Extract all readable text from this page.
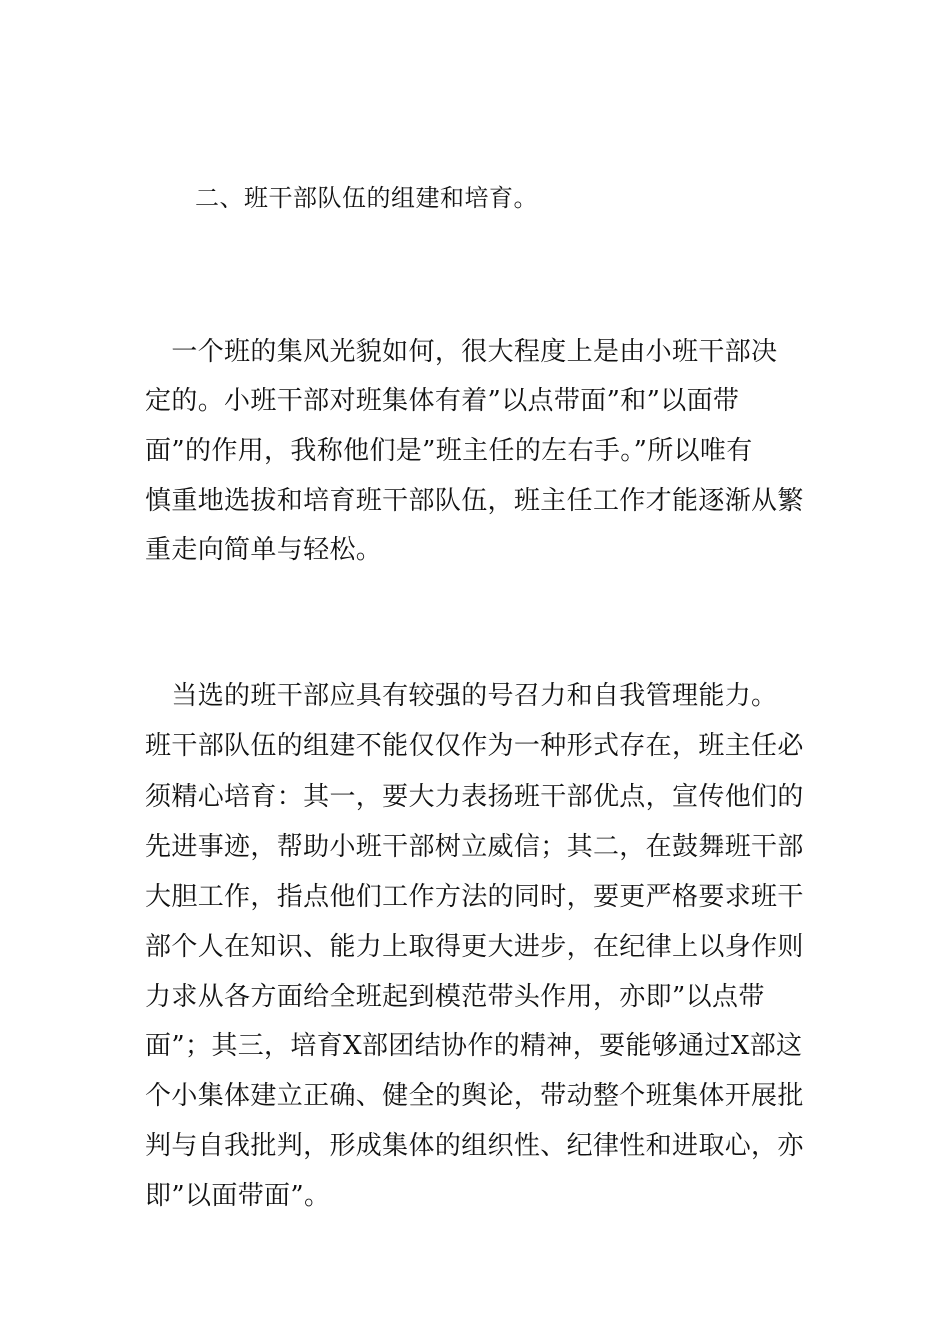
二、班干部队伍的组建和培育。
　一个班的集风光貌如何，很大程度上是由小班干部决
定的。小班干部对班集体有着”以点带面”和”以面带
面”的作用，我称他们是”班主任的左右手。”所以唯有
慎重地选拔和培育班干部队伍，班主任工作才能逐渐从繁
重走向简单与轻松。
　当选的班干部应具有较强的号召力和自我管理能力。
班干部队伍的组建不能仅仅作为一种形式存在，班主任必
须精心培育：其一，要大力表扬班干部优点，宣传他们的
先进事迹，帮助小班干部树立威信；其二，在鼓舞班干部
大胆工作，指点他们工作方法的同时，要更严格要求班干
部个人在知识、能力上取得更大进步，在纪律上以身作则
力求从各方面给全班起到模范带头作用，亦即”以点带
面”；其三，培育X部团结协作的精神，要能够通过X部这
个小集体建立正确、健全的舆论，带动整个班集体开展批
判与自我批判，形成集体的组织性、纪律性和进取心，亦
即”以面带面”。
